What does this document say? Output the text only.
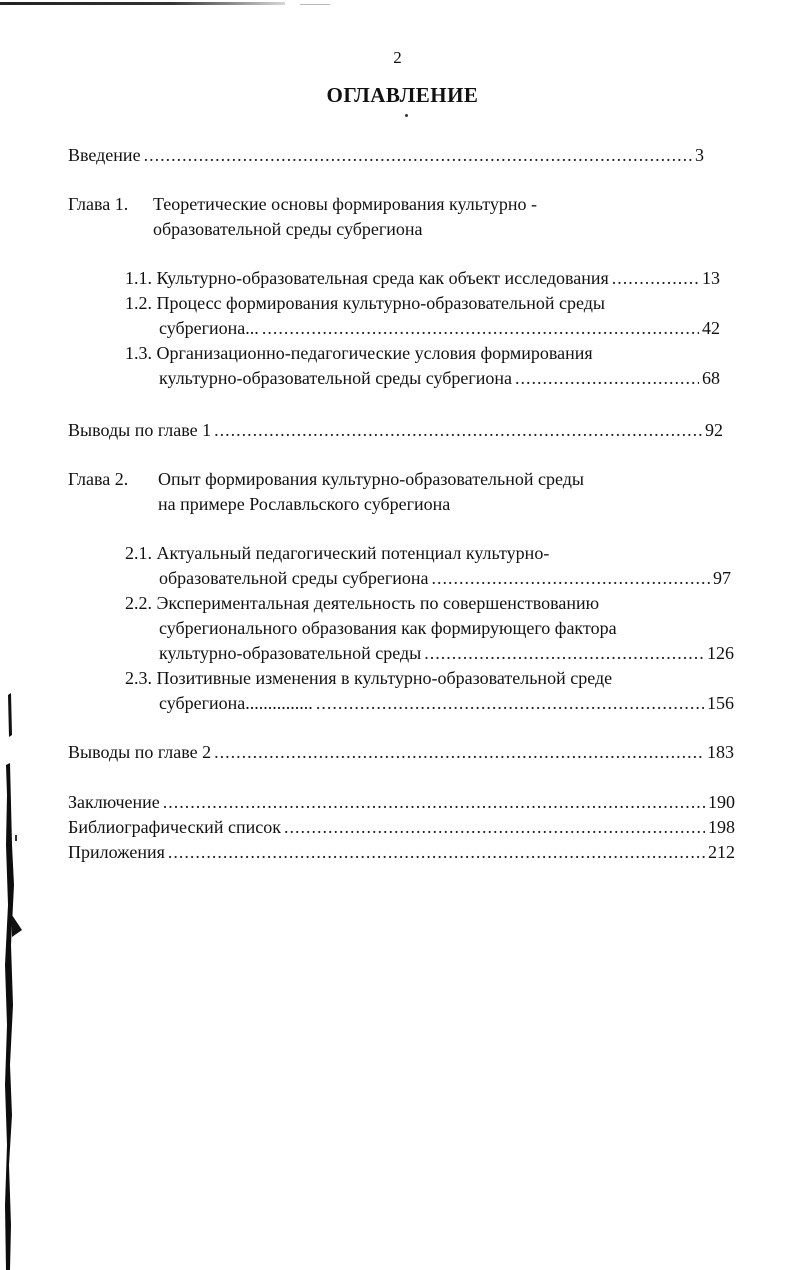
2
ОГЛАВЛЕНИЕ
Введение .....	3
Глава 1. Теоретические основы формирования культурно -
образовательной среды субрегиона
1.1. Культурно-образовательная среда как объект исследования .....	13
1.2. Процесс формирования культурно-образовательной среды
субрегиона... .....	42
1.3. Организационно-педагогические условия формирования
культурно-образовательной среды субрегиона .....	68
Выводы по главе 1 .....	92
Глава 2. Опыт формирования культурно-образовательной среды
на примере Рославльского субрегиона
2.1. Актуальный педагогический потенциал культурно-
образовательной среды субрегиона .....	97
2.2. Экспериментальная деятельность по совершенствованию
субрегионального образования как формирующего фактора
культурно-образовательной среды .....	126
2.3. Позитивные изменения в культурно-образовательной среде
субрегиона............... .....	156
Выводы по главе 2 .....	183
Заключение .....	190
Библиографический список .....	198
Приложения .....	212
